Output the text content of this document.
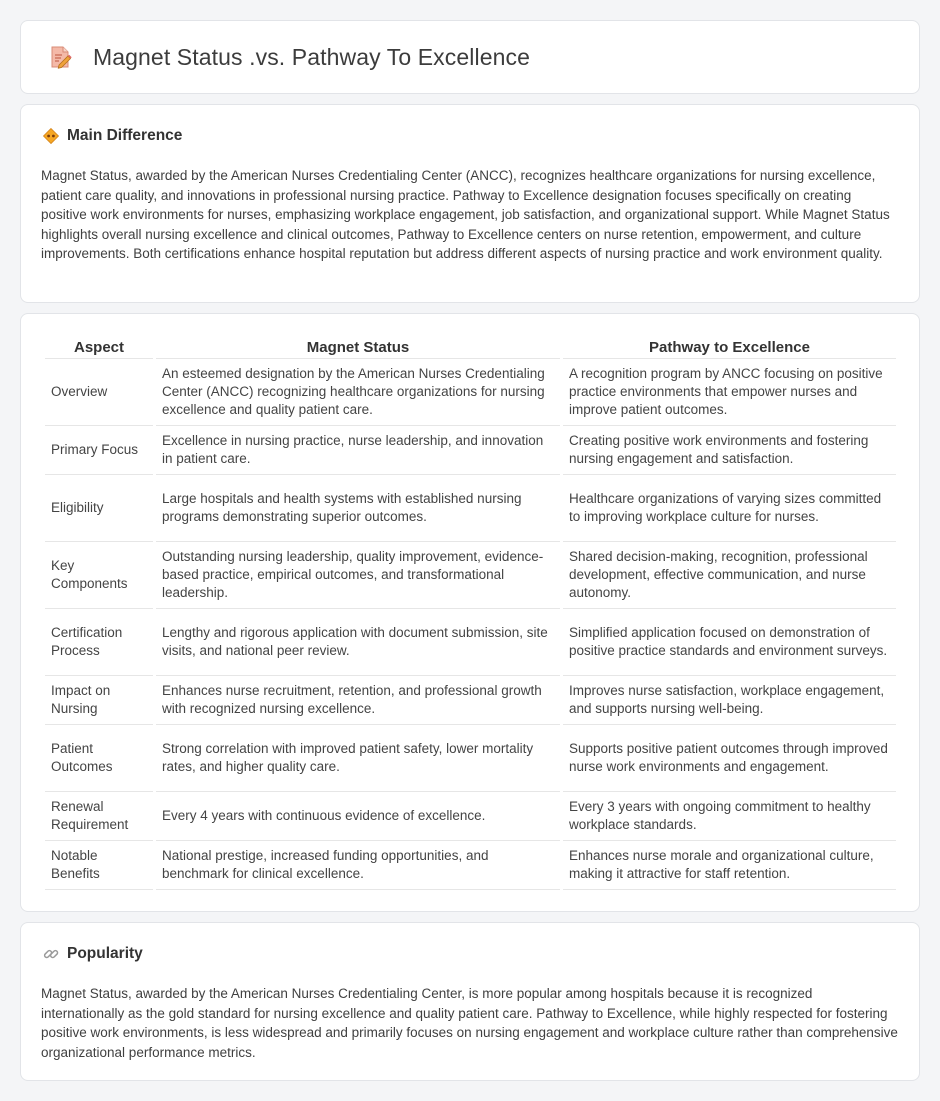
Magnet Status .vs. Pathway To Excellence
Main Difference

Magnet Status, awarded by the American Nurses Credentialing Center (ANCC), recognizes healthcare organizations for nursing excellence, patient care quality, and innovations in professional nursing practice. Pathway to Excellence designation focuses specifically on creating positive work environments for nurses, emphasizing workplace engagement, job satisfaction, and organizational support. While Magnet Status highlights overall nursing excellence and clinical outcomes, Pathway to Excellence centers on nurse retention, empowerment, and culture improvements. Both certifications enhance hospital reputation but address different aspects of nursing practice and work environment quality.

Aspect	Magnet Status	Pathway to Excellence
Overview	An esteemed designation by the American Nurses Credentialing Center (ANCC) recognizing healthcare organizations for nursing excellence and quality patient care.	A recognition program by ANCC focusing on positive practice environments that empower nurses and improve patient outcomes.
Primary Focus	Excellence in nursing practice, nurse leadership, and innovation in patient care.	Creating positive work environments and fostering nursing engagement and satisfaction.
Eligibility	Large hospitals and health systems with established nursing programs demonstrating superior outcomes.	Healthcare organizations of varying sizes committed to improving workplace culture for nurses.
Key Components	Outstanding nursing leadership, quality improvement, evidence-based practice, empirical outcomes, and transformational leadership.	Shared decision-making, recognition, professional development, effective communication, and nurse autonomy.
Certification Process	Lengthy and rigorous application with document submission, site visits, and national peer review.	Simplified application focused on demonstration of positive practice standards and environment surveys.
Impact on Nursing	Enhances nurse recruitment, retention, and professional growth with recognized nursing excellence.	Improves nurse satisfaction, workplace engagement, and supports nursing well-being.
Patient Outcomes	Strong correlation with improved patient safety, lower mortality rates, and higher quality care.	Supports positive patient outcomes through improved nurse work environments and engagement.
Renewal Requirement	Every 4 years with continuous evidence of excellence.	Every 3 years with ongoing commitment to healthy workplace standards.
Notable Benefits	National prestige, increased funding opportunities, and benchmark for clinical excellence.	Enhances nurse morale and organizational culture, making it attractive for staff retention.
Popularity

Magnet Status, awarded by the American Nurses Credentialing Center, is more popular among hospitals because it is recognized internationally as the gold standard for nursing excellence and quality patient care. Pathway to Excellence, while highly respected for fostering positive work environments, is less widespread and primarily focuses on nursing engagement and workplace culture rather than comprehensive organizational performance metrics.
